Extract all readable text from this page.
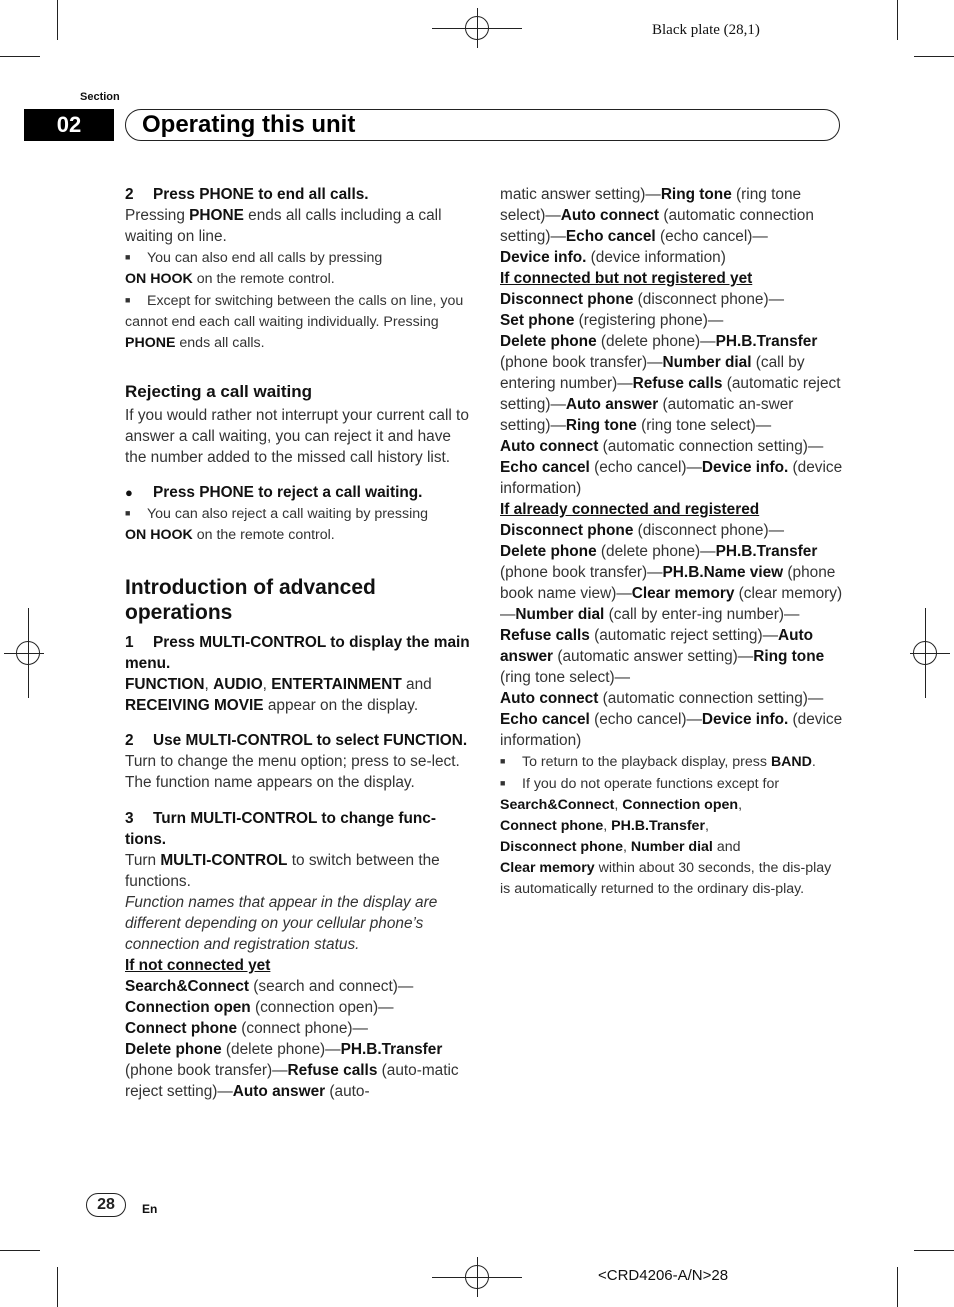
Black plate (28,1)
Section
02	Operating this unit

2 Press PHONE to end all calls.

Pressing PHONE ends all calls including a call waiting on line.

■ You can also end all calls by pressing
ON HOOK on the remote control.

■ Except for switching between the calls on line, you cannot end each call waiting individually. Pressing PHONE ends all calls.

Rejecting a call waiting

If you would rather not interrupt your current call to answer a call waiting, you can reject it and have the number added to the missed call history list.

● Press PHONE to reject a call waiting.

■ You can also reject a call waiting by pressing
ON HOOK on the remote control.

Introduction of advanced operations

1 Press MULTI-CONTROL to display the main menu.

FUNCTION, AUDIO, ENTERTAINMENT and RECEIVING MOVIE appear on the display.

2 Use MULTI-CONTROL to select FUNCTION.

Turn to change the menu option; press to se-lect.

The function name appears on the display.

3 Turn MULTI-CONTROL to change func-tions.

Turn MULTI-CONTROL to switch between the functions.

Function names that appear in the display are different depending on your cellular phone’s connection and registration status.

If not connected yet

Search&Connect (search and connect)—
Connection open (connection open)—
Connect phone (connect phone)—
Delete phone (delete phone)—PH.B.Transfer (phone book transfer)—Refuse calls (auto-matic reject setting)—Auto answer (auto-

matic answer setting)—Ring tone (ring tone select)—Auto connect (automatic connection setting)—Echo cancel (echo cancel)—
Device info. (device information)

If connected but not registered yet

Disconnect phone (disconnect phone)—
Set phone (registering phone)—
Delete phone (delete phone)—PH.B.Transfer (phone book transfer)—Number dial (call by entering number)—Refuse calls (automatic reject setting)—Auto answer (automatic an-swer setting)—Ring tone (ring tone select)—
Auto connect (automatic connection setting)—Echo cancel (echo cancel)—Device info. (device information)

If already connected and registered

Disconnect phone (disconnect phone)—
Delete phone (delete phone)—PH.B.Transfer (phone book transfer)—PH.B.Name view (phone book name view)—Clear memory (clear memory)—Number dial (call by enter-ing number)—Refuse calls (automatic reject setting)—Auto answer (automatic answer setting)—Ring tone (ring tone select)—
Auto connect (automatic connection setting)—Echo cancel (echo cancel)—Device info. (device information)

■ To return to the playback display, press BAND.

■ If you do not operate functions except for
Search&Connect, Connection open,
Connect phone, PH.B.Transfer,
Disconnect phone, Number dial and
Clear memory within about 30 seconds, the dis-play is automatically returned to the ordinary dis-play.

28	En
<CRD4206-A/N>28
